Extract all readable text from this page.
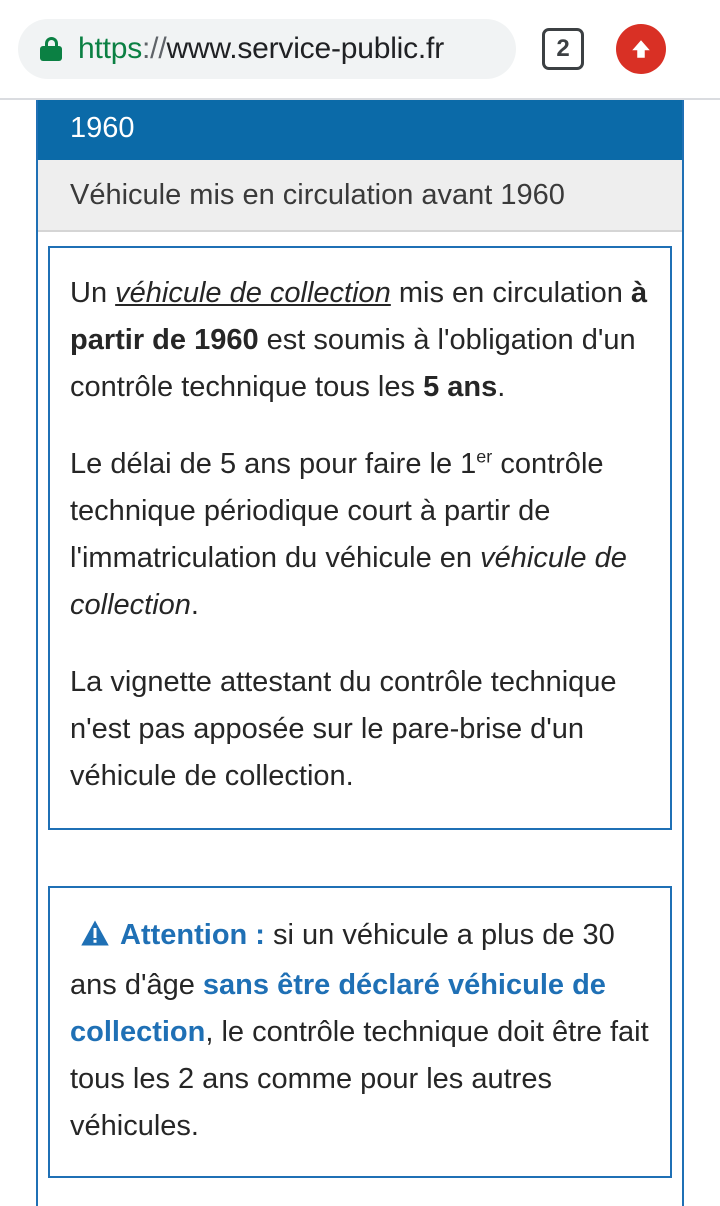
https://www.service-public.fr	2
1960
Véhicule mis en circulation avant 1960

Un véhicule de collection mis en circulation à partir de 1960 est soumis à l'obligation d'un contrôle technique tous les 5 ans.

Le délai de 5 ans pour faire le 1er contrôle technique périodique court à partir de l'immatriculation du véhicule en véhicule de collection.

La vignette attestant du contrôle technique n'est pas apposée sur le pare-brise d'un véhicule de collection.

Attention : si un véhicule a plus de 30 ans d'âge sans être déclaré véhicule de collection, le contrôle technique doit être fait tous les 2 ans comme pour les autres véhicules.
